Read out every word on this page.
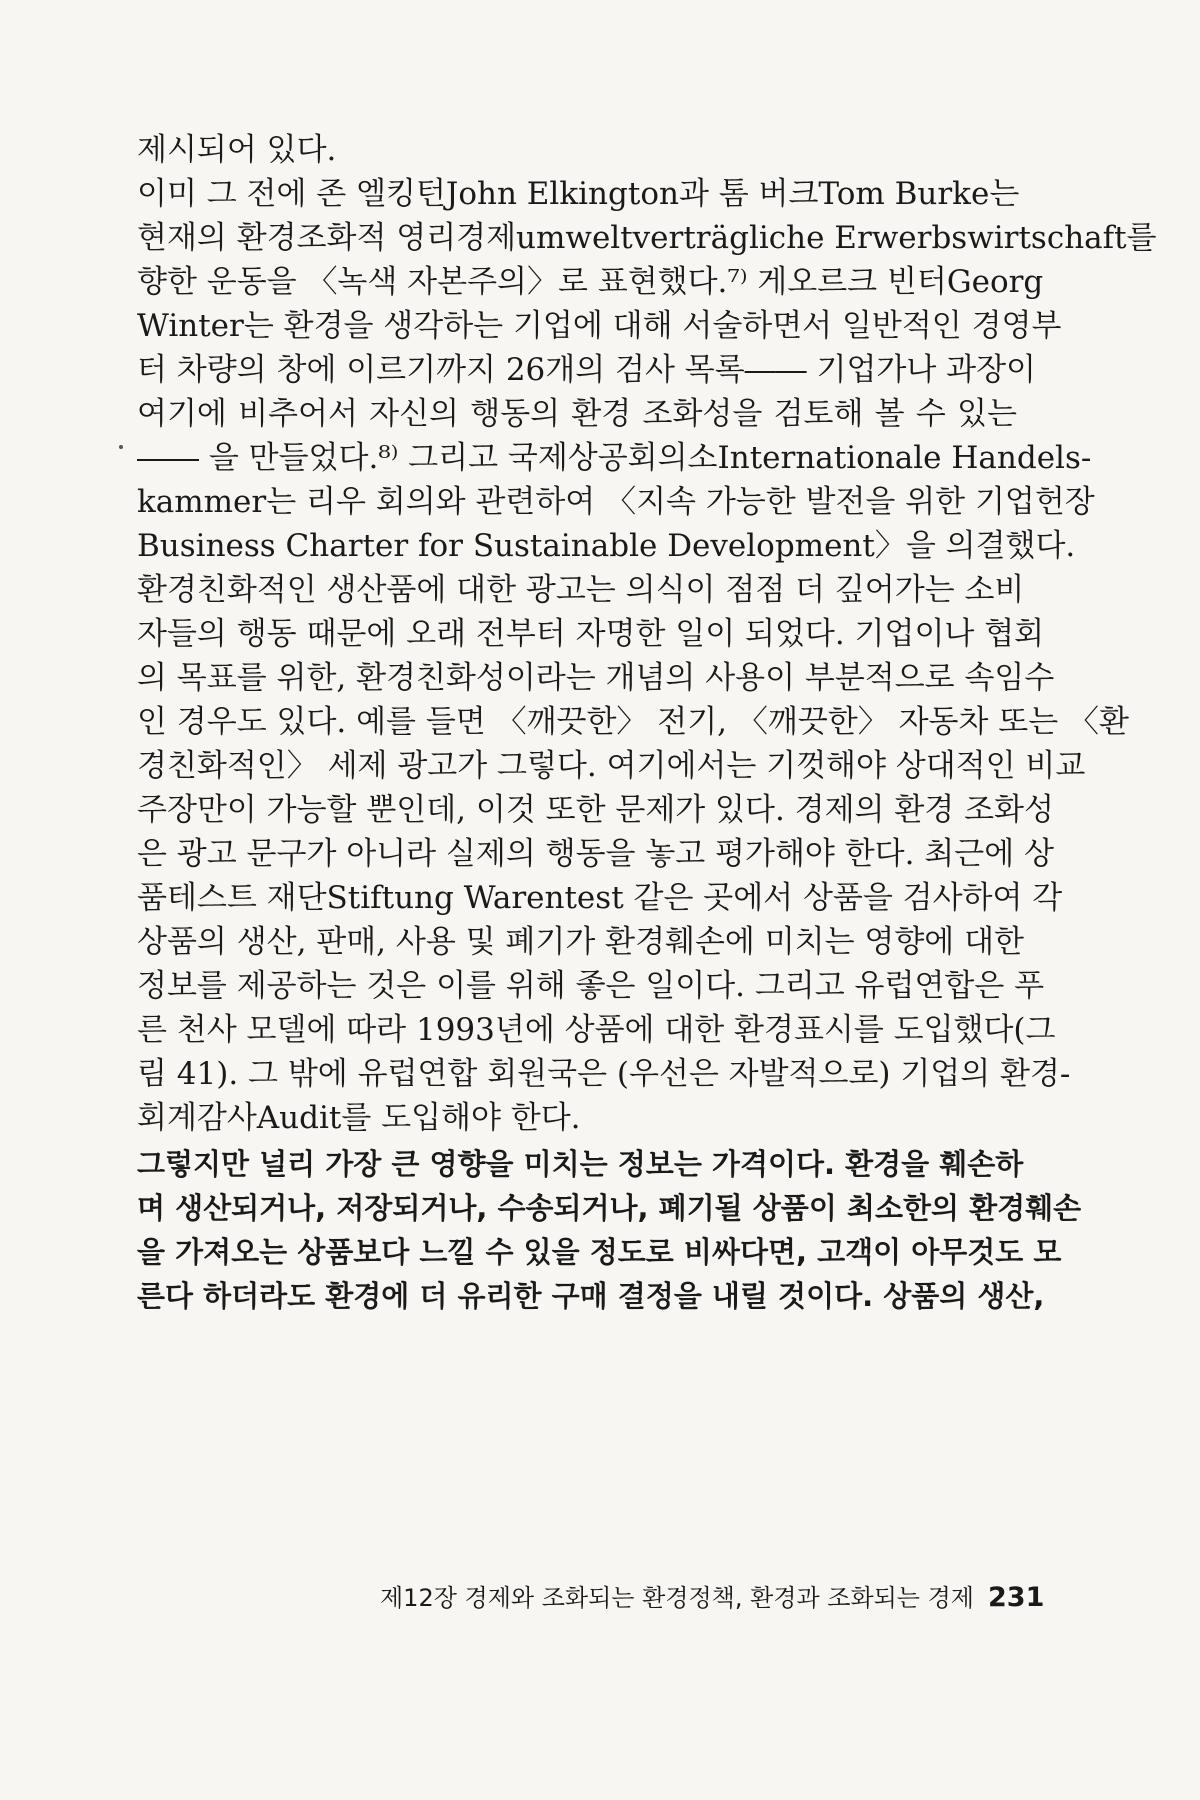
제시되어 있다.
이미 그 전에 존 엘킹턴John Elkington과 톰 버크Tom Burke는
현재의 환경조화적 영리경제umweltverträgliche Erwerbswirtschaft를
향한 운동을 〈녹색 자본주의〉로 표현했다.⁷⁾ 게오르크 빈터Georg
Winter는 환경을 생각하는 기업에 대해 서술하면서 일반적인 경영부
터 차량의 창에 이르기까지 26개의 검사 목록―― 기업가나 과장이
여기에 비추어서 자신의 행동의 환경 조화성을 검토해 볼 수 있는
―― 을 만들었다.⁸⁾ 그리고 국제상공회의소Internationale Handels-
kammer는 리우 회의와 관련하여 〈지속 가능한 발전을 위한 기업헌장
Business Charter for Sustainable Development〉을 의결했다.
환경친화적인 생산품에 대한 광고는 의식이 점점 더 깊어가는 소비
자들의 행동 때문에 오래 전부터 자명한 일이 되었다. 기업이나 협회
의 목표를 위한, 환경친화성이라는 개념의 사용이 부분적으로 속임수
인 경우도 있다. 예를 들면 〈깨끗한〉 전기, 〈깨끗한〉 자동차 또는 〈환
경친화적인〉 세제 광고가 그렇다. 여기에서는 기껏해야 상대적인 비교
주장만이 가능할 뿐인데, 이것 또한 문제가 있다. 경제의 환경 조화성
은 광고 문구가 아니라 실제의 행동을 놓고 평가해야 한다. 최근에 상
품테스트 재단Stiftung Warentest 같은 곳에서 상품을 검사하여 각
상품의 생산, 판매, 사용 및 폐기가 환경훼손에 미치는 영향에 대한
정보를 제공하는 것은 이를 위해 좋은 일이다. 그리고 유럽연합은 푸
른 천사 모델에 따라 1993년에 상품에 대한 환경표시를 도입했다(그
림 41). 그 밖에 유럽연합 회원국은 (우선은 자발적으로) 기업의 환경-
회계감사Audit를 도입해야 한다.
그렇지만 널리 가장 큰 영향을 미치는 정보는 가격이다. 환경을 훼손하
며 생산되거나, 저장되거나, 수송되거나, 폐기될 상품이 최소한의 환경훼손
을 가져오는 상품보다 느낄 수 있을 정도로 비싸다면, 고객이 아무것도 모
른다 하더라도 환경에 더 유리한 구매 결정을 내릴 것이다. 상품의 생산,
제12장 경제와 조화되는 환경정책, 환경과 조화되는 경제 231
